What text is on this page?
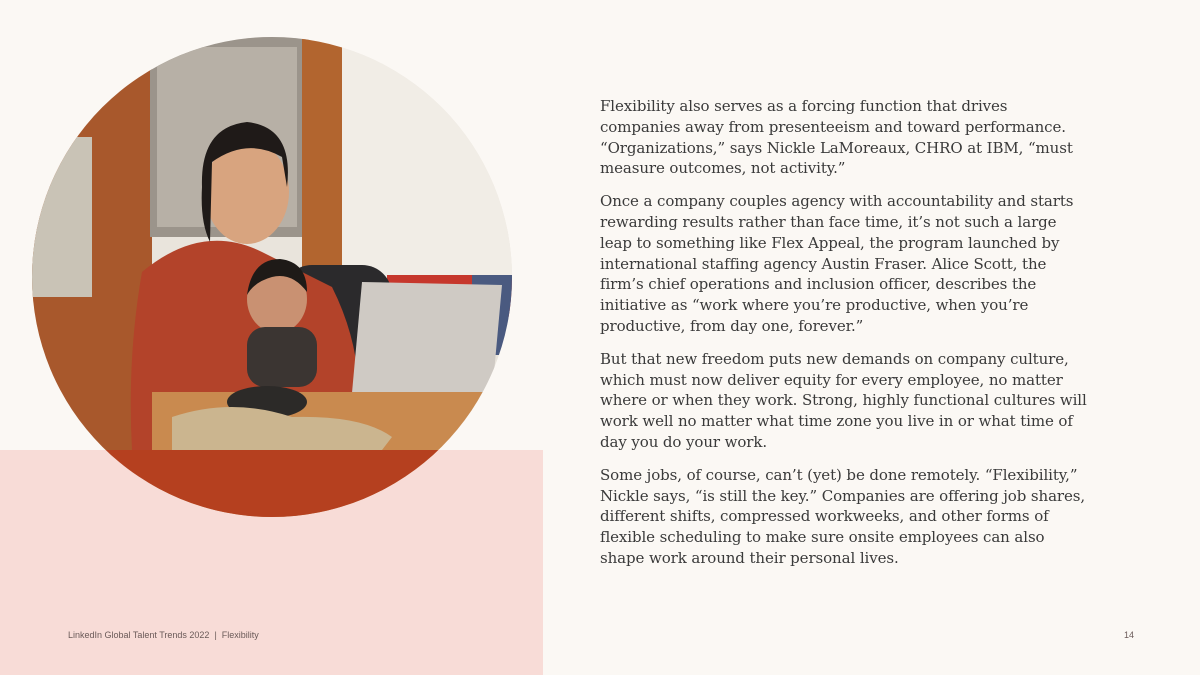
Flexibility also serves as a forcing function that drives companies away from presenteeism and toward performance. “Organizations,” says Nickle LaMoreaux, CHRO at IBM, “must measure outcomes, not activity.”

Once a company couples agency with accountability and starts rewarding results rather than face time, it’s not such a large leap to something like Flex Appeal, the program launched by international staffing agency Austin Fraser. Alice Scott, the firm’s chief operations and inclusion officer, describes the initiative as “work where you’re productive, when you’re productive, from day one, forever.”

But that new freedom puts new demands on company culture, which must now deliver equity for every employee, no matter where or when they work. Strong, highly functional cultures will work well no matter what time zone you live in or what time of day you do your work.

Some jobs, of course, can’t (yet) be done remotely. “Flexibility,” Nickle says, “is still the key.” Companies are offering job shares, different shifts, compressed workweeks, and other forms of flexible scheduling to make sure onsite employees can also shape work around their personal lives.

LinkedIn Global Talent Trends 2022 | Flexibility	14
